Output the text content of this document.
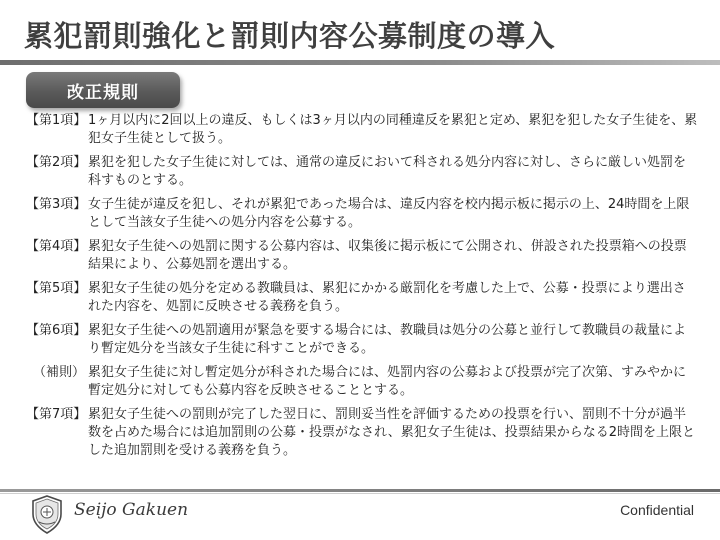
累犯罰則強化と罰則内容公募制度の導入
改正規則
【第1項】 1ヶ月以内に2回以上の違反、もしくは3ヶ月以内の同種違反を累犯と定め、累犯を犯した女子生徒を、累犯女子生徒として扱う。
【第2項】 累犯を犯した女子生徒に対しては、通常の違反において科される処分内容に対し、さらに厳しい処罰を科すものとする。
【第3項】 女子生徒が違反を犯し、それが累犯であった場合は、違反内容を校内掲示板に掲示の上、24時間を上限として当該女子生徒への処分内容を公募する。
【第4項】 累犯女子生徒への処罰に関する公募内容は、収集後に掲示板にて公開され、併設された投票箱への投票結果により、公募処罰を選出する。
【第5項】 累犯女子生徒の処分を定める教職員は、累犯にかかる厳罰化を考慮した上で、公募・投票により選出された内容を、処罰に反映させる義務を負う。
【第6項】 累犯女子生徒への処罰適用が緊急を要する場合には、教職員は処分の公募と並行して教職員の裁量により暫定処分を当該女子生徒に科すことができる。
（補則） 累犯女子生徒に対し暫定処分が科された場合には、処罰内容の公募および投票が完了次第、すみやかに暫定処分に対しても公募内容を反映させることとする。
【第7項】 累犯女子生徒への罰則が完了した翌日に、罰則妥当性を評価するための投票を行い、罰則不十分が過半数を占めた場合には追加罰則の公募・投票がなされ、累犯女子生徒は、投票結果からなる2時間を上限とした追加罰則を受ける義務を負う。
Seijo Gakuen	Confidential
